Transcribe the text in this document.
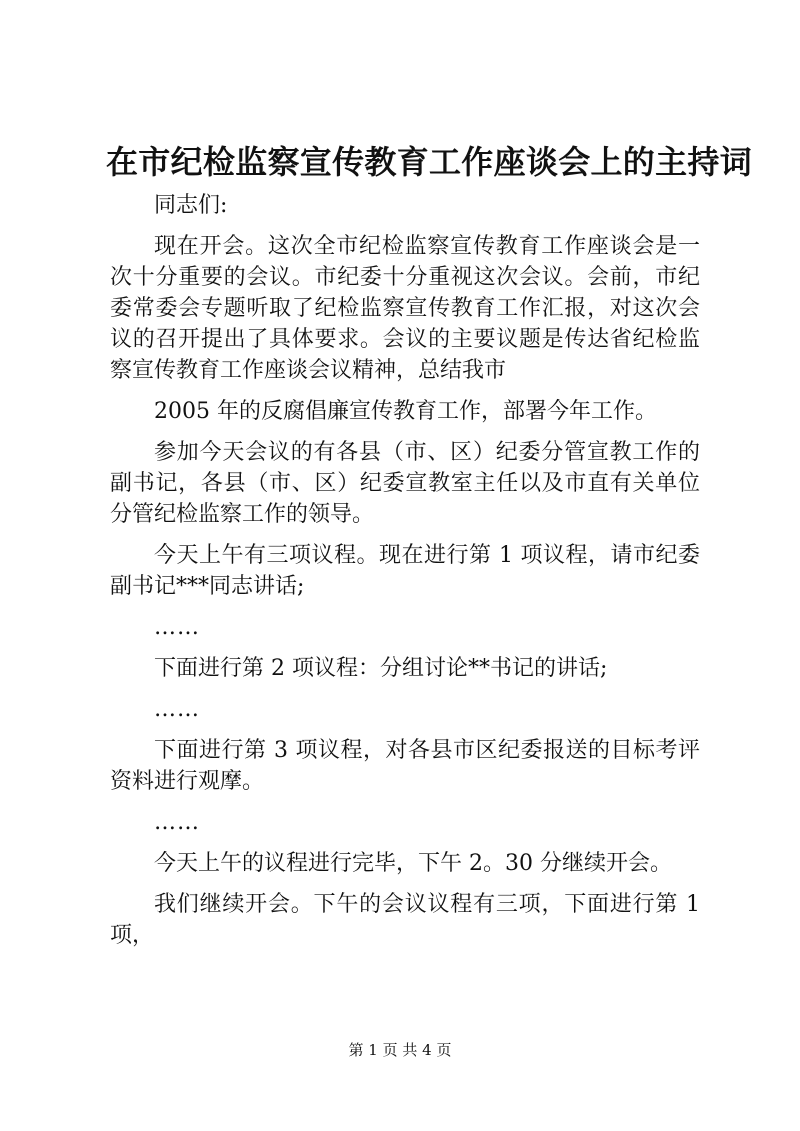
在市纪检监察宣传教育工作座谈会上的主持词

同志们:

现在开会。这次全市纪检监察宣传教育工作座谈会是一次十分重要的会议。市纪委十分重视这次会议。会前，市纪委常委会专题听取了纪检监察宣传教育工作汇报，对这次会议的召开提出了具体要求。会议的主要议题是传达省纪检监察宣传教育工作座谈会议精神，总结我市

2005 年的反腐倡廉宣传教育工作，部署今年工作。

参加今天会议的有各县（市、区）纪委分管宣教工作的副书记，各县（市、区）纪委宣教室主任以及市直有关单位分管纪检监察工作的领导。

今天上午有三项议程。现在进行第 1 项议程，请市纪委副书记***同志讲话;

……

下面进行第 2 项议程：分组讨论**书记的讲话;

……

下面进行第 3 项议程，对各县市区纪委报送的目标考评资料进行观摩。

……

今天上午的议程进行完毕，下午 2。30 分继续开会。

我们继续开会。下午的会议议程有三项，下面进行第 1 项，

第 1 页 共 4 页
